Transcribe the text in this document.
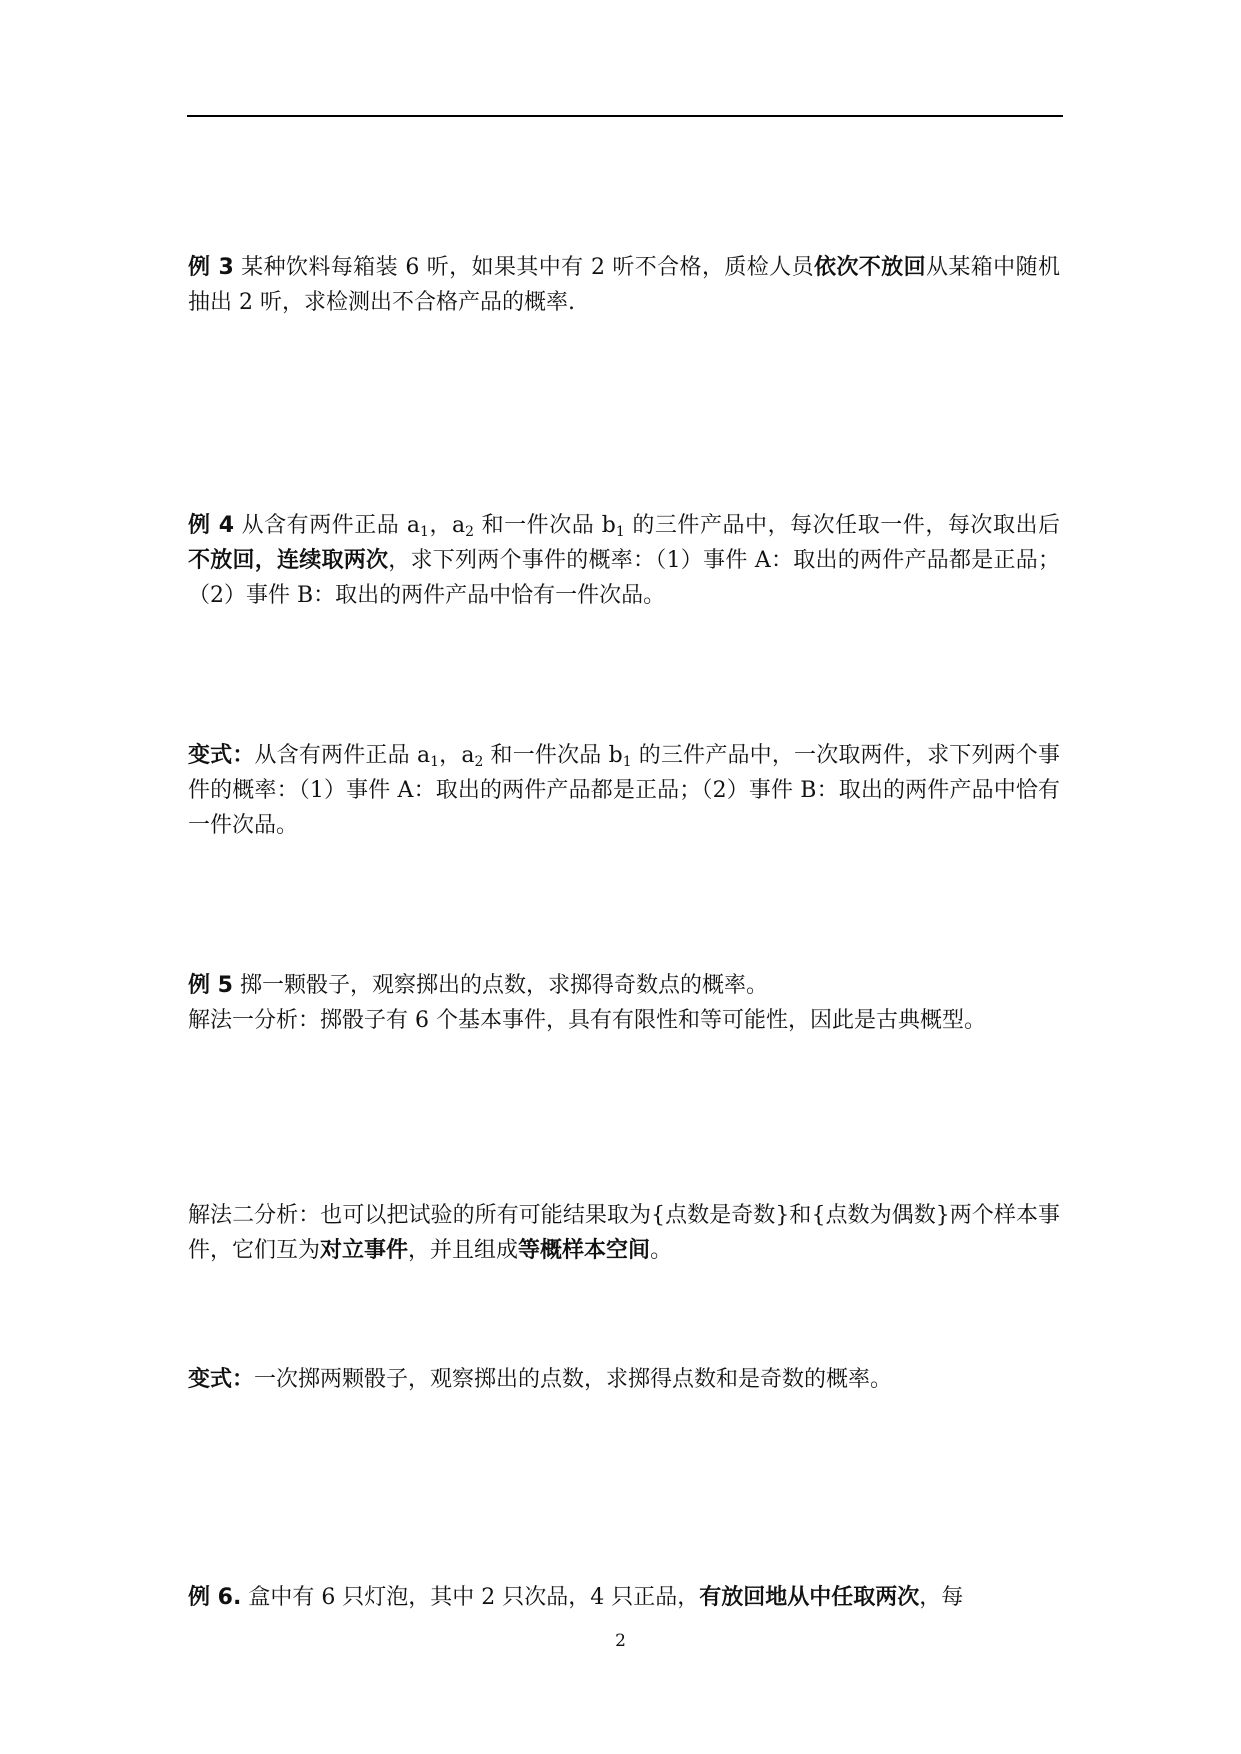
例 3 某种饮料每箱装 6 听，如果其中有 2 听不合格，质检人员依次不放回从某箱中随机抽出 2 听，求检测出不合格产品的概率.

例 4 从含有两件正品 $a_1$，$a_2$ 和一件次品 $b_1$ 的三件产品中，每次任取一件，每次取出后不放回，连续取两次，求下列两个事件的概率：（1）事件 A：取出的两件产品都是正品；（2）事件 B：取出的两件产品中恰有一件次品。

变式：从含有两件正品 $a_1$，$a_2$ 和一件次品 $b_1$ 的三件产品中，一次取两件，求下列两个事件的概率：（1）事件 A：取出的两件产品都是正品；（2）事件 B：取出的两件产品中恰有一件次品。

例 5 掷一颗骰子，观察掷出的点数，求掷得奇数点的概率。
解法一分析：掷骰子有 6 个基本事件，具有有限性和等可能性，因此是古典概型。

解法二分析：也可以把试验的所有可能结果取为{点数是奇数}和{点数为偶数}两个样本事件，它们互为对立事件，并且组成等概样本空间。

变式：一次掷两颗骰子，观察掷出的点数，求掷得点数和是奇数的概率。

例 6. 盒中有 6 只灯泡，其中 2 只次品，4 只正品，有放回地从中任取两次，每

2
